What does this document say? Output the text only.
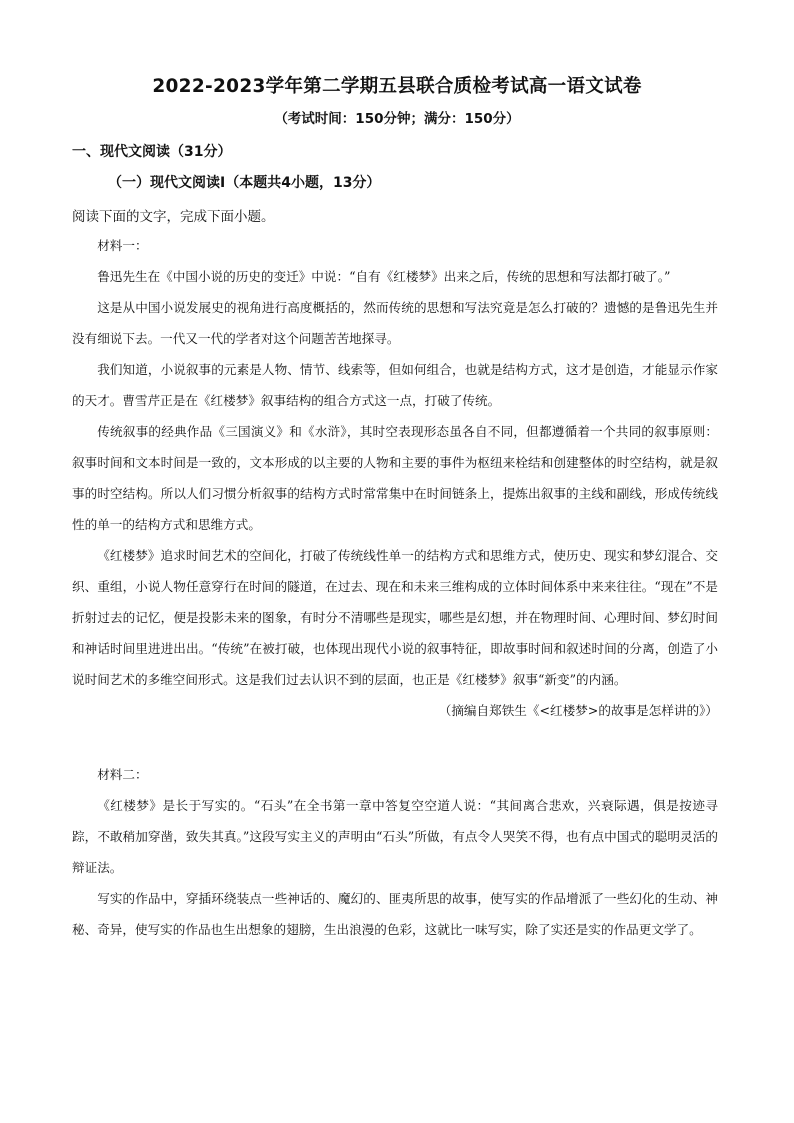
2022-2023学年第二学期五县联合质检考试高一语文试卷
（考试时间：150分钟；满分：150分）
一、现代文阅读（31分）
（一）现代文阅读Ⅰ（本题共4小题，13分）
阅读下面的文字，完成下面小题。

材料一：

鲁迅先生在《中国小说的历史的变迁》中说：“自有《红楼梦》出来之后，传统的思想和写法都打破了。”

这是从中国小说发展史的视角进行高度概括的，然而传统的思想和写法究竟是怎么打破的？遗憾的是鲁迅先生并没有细说下去。一代又一代的学者对这个问题苦苦地探寻。

我们知道，小说叙事的元素是人物、情节、线索等，但如何组合，也就是结构方式，这才是创造，才能显示作家的天才。曹雪芹正是在《红楼梦》叙事结构的组合方式这一点，打破了传统。

传统叙事的经典作品《三国演义》和《水浒》，其时空表现形态虽各自不同，但都遵循着一个共同的叙事原则：叙事时间和文本时间是一致的，文本形成的以主要的人物和主要的事件为枢纽来栓结和创建整体的时空结构，就是叙事的时空结构。所以人们习惯分析叙事的结构方式时常常集中在时间链条上，提炼出叙事的主线和副线，形成传统线性的单一的结构方式和思维方式。

《红楼梦》追求时间艺术的空间化，打破了传统线性单一的结构方式和思维方式，使历史、现实和梦幻混合、交织、重组，小说人物任意穿行在时间的隧道，在过去、现在和未来三维构成的立体时间体系中来来往往。“现在”不是折射过去的记忆，便是投影未来的图象，有时分不清哪些是现实，哪些是幻想，并在物理时间、心理时间、梦幻时间和神话时间里进进出出。“传统”在被打破，也体现出现代小说的叙事特征，即故事时间和叙述时间的分离，创造了小说时间艺术的多维空间形式。这是我们过去认识不到的层面，也正是《红楼梦》叙事“新变”的内涵。

（摘编自郑铁生《<红楼梦>的故事是怎样讲的》）

材料二：

《红楼梦》是长于写实的。“石头”在全书第一章中答复空空道人说：“其间离合悲欢，兴衰际遇，俱是按迹寻踪，不敢稍加穿凿，致失其真。”这段写实主义的声明由“石头”所做，有点令人哭笑不得，也有点中国式的聪明灵活的辩证法。

写实的作品中，穿插环绕装点一些神话的、魔幻的、匪夷所思的故事，使写实的作品增派了一些幻化的生动、神秘、奇异，使写实的作品也生出想象的翅膀，生出浪漫的色彩，这就比一味写实，除了实还是实的作品更文学了。
